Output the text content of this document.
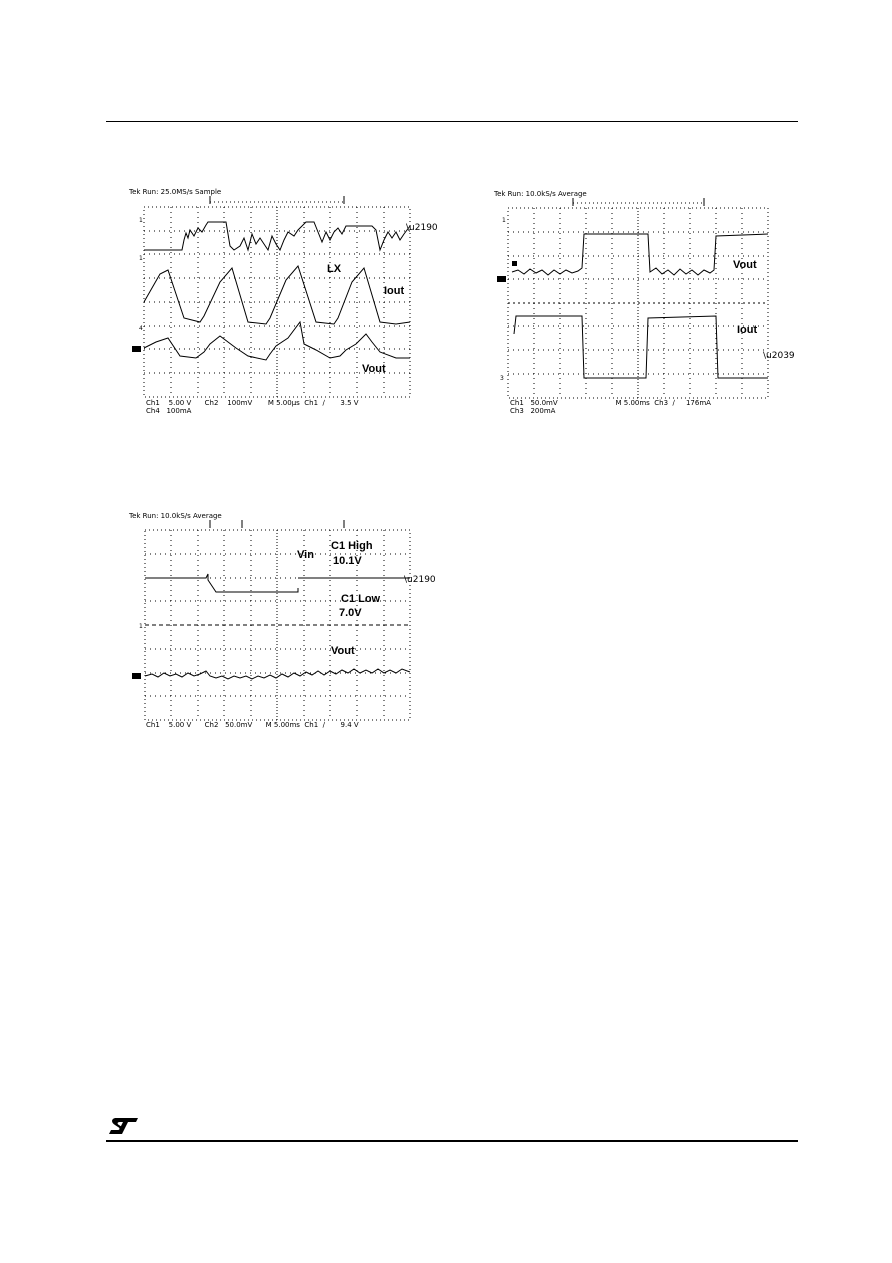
Tek Run: 25.0MS/s Sample
1
1
4
\u2190
LX
Iout
Vout
Ch1    5.00 V      Ch2    100mV       M 5.00µs  Ch1  ∕       3.5 V
Ch4   100mA
Tek Run: 10.0kS/s Average
1
3
\u2039
Vout
Iout
Ch1   50.0mV                          M 5.00ms  Ch3  ∕     176mA
Ch3   200mA
Tek Run: 10.0kS/s Average
1
\u2190
Vin
C1 High
10.1V
C1 Low
7.0V
Vout
Ch1    5.00 V      Ch2   50.0mV      M 5.00ms  Ch1  ∕       9.4 V
